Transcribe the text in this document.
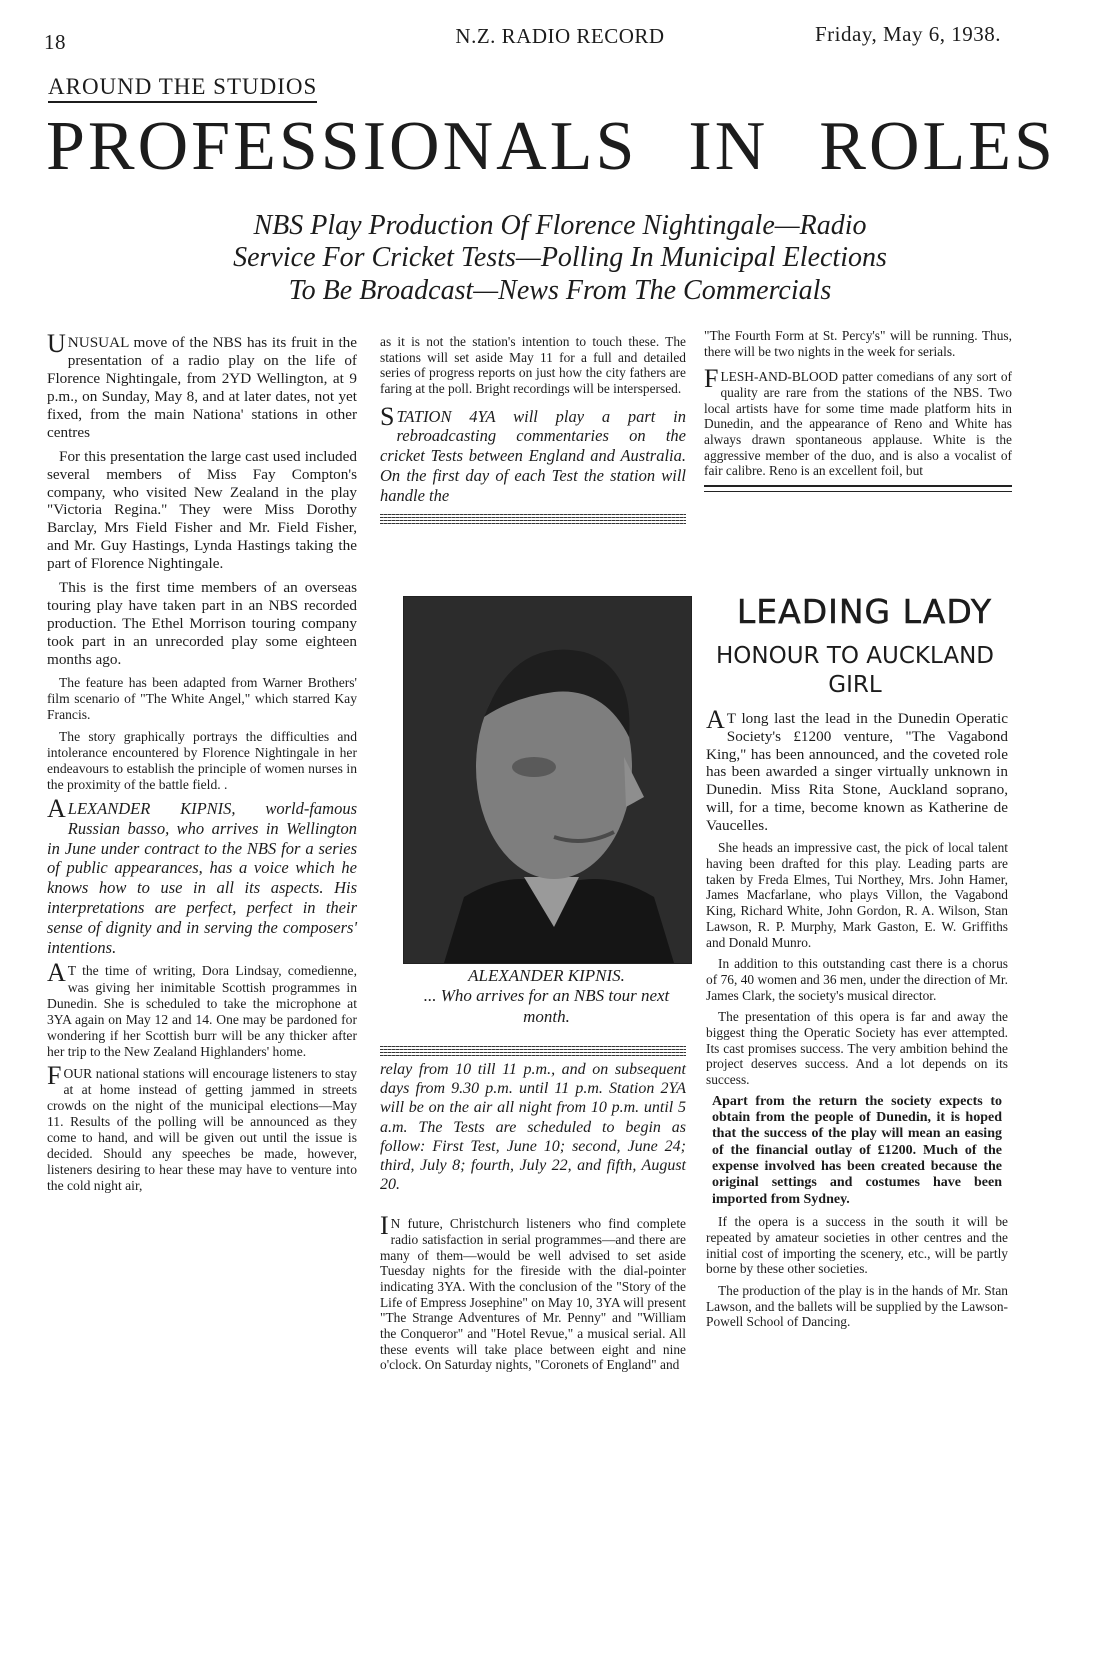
18	N.Z. RADIO RECORD	Friday, May 6, 1938.
AROUND THE STUDIOS
PROFESSIONALS IN ROLES
NBS Play Production Of Florence Nightingale—Radio
Service For Cricket Tests—Polling In Municipal Elections
To Be Broadcast—News From The Commercials

UNUSUAL move of the NBS has its fruit in the presentation of a radio play on the life of Florence Nightingale, from 2YD Wellington, at 9 p.m., on Sunday, May 8, and at later dates, not yet fixed, from the main Nationa' stations in other centres

For this presentation the large cast used included several members of Miss Fay Compton's company, who visited New Zealand in the play "Victoria Regina." They were Miss Dorothy Barclay, Mrs Field Fisher and Mr. Field Fisher, and Mr. Guy Hastings, Lynda Hastings taking the part of Florence Nightingale.

This is the first time members of an overseas touring play have taken part in an NBS recorded production. The Ethel Morrison touring company took part in an unrecorded play some eighteen months ago.

The feature has been adapted from Warner Brothers' film scenario of "The White Angel," which starred Kay Francis.

The story graphically portrays the difficulties and intolerance encountered by Florence Nightingale in her endeavours to establish the principle of women nurses in the proximity of the battle field. .

ALEXANDER KIPNIS, world-famous Russian basso, who arrives in Wellington in June under contract to the NBS for a series of public appearances, has a voice which he knows how to use in all its aspects. His interpretations are perfect, perfect in their sense of dignity and in serving the composers' intentions.

A T the time of writing, Dora Lindsay, comedienne, was giving her inimitable Scottish programmes in Dunedin. She is scheduled to take the microphone at 3YA again on May 12 and 14. One may be pardoned for wondering if her Scottish burr will be any thicker after her trip to the New Zealand Highlanders' home.

FOUR national stations will encourage listeners to stay at at home instead of getting jammed in streets crowds on the night of the municipal elections—May 11. Results of the polling will be announced as they come to hand, and will be given out until the issue is decided. Should any speeches be made, however, listeners desiring to hear these may have to venture into the cold night air,

as it is not the station's intention to touch these. The stations will set aside May 11 for a full and detailed series of progress reports on just how the city fathers are faring at the poll. Bright recordings will be interspersed.

STATION 4YA will play a part in rebroadcasting commentaries on the cricket Tests between England and Australia. On the first day of each Test the station will handle the

ALEXANDER KIPNIS.
... Who arrives for an NBS tour next month.

relay from 10 till 11 p.m., and on subsequent days from 9.30 p.m. until 11 p.m. Station 2YA will be on the air all night from 10 p.m. until 5 a.m. The Tests are scheduled to begin as follow: First Test, June 10; second, June 24; third, July 8; fourth, July 22, and fifth, August 20.

I N future, Christchurch listeners who find complete radio satisfaction in serial programmes—and there are many of them—would be well advised to set aside Tuesday nights for the fireside with the dial-pointer indicating 3YA. With the conclusion of the "Story of the Life of Empress Josephine" on May 10, 3YA will present "The Strange Adventures of Mr. Penny" and "William the Conqueror" and "Hotel Revue," a musical serial. All these events will take place between eight and nine o'clock. On Saturday nights, "Coronets of England" and

"The Fourth Form at St. Percy's" will be running. Thus, there will be two nights in the week for serials.

FLESH-AND-BLOOD patter comedians of any sort of quality are rare from the stations of the NBS. Two local artists have for some time made platform hits in Dunedin, and the appearance of Reno and White has always drawn spontaneous applause. White is the aggressive member of the duo, and is also a vocalist of fair calibre. Reno is an excellent foil, but

LEADING LADY
HONOUR TO AUCKLAND GIRL

A T long last the lead in the Dunedin Operatic Society's £1200 venture, "The Vagabond King," has been announced, and the coveted role has been awarded a singer virtually unknown in Dunedin. Miss Rita Stone, Auckland soprano, will, for a time, become known as Katherine de Vaucelles.

She heads an impressive cast, the pick of local talent having been drafted for this play. Leading parts are taken by Freda Elmes, Tui Northey, Mrs. John Hamer, James Macfarlane, who plays Villon, the Vagabond King, Richard White, John Gordon, R. A. Wilson, Stan Lawson, R. P. Murphy, Mark Gaston, E. W. Griffiths and Donald Munro.

In addition to this outstanding cast there is a chorus of 76, 40 women and 36 men, under the direction of Mr. James Clark, the society's musical director.

The presentation of this opera is far and away the biggest thing the Operatic Society has ever attempted. Its cast promises success. The very ambition behind the project deserves success. And a lot depends on its success.

Apart from the return the society expects to obtain from the people of Dunedin, it is hoped that the success of the play will mean an easing of the financial outlay of £1200. Much of the expense involved has been created because the original settings and costumes have been imported from Sydney.

If the opera is a success in the south it will be repeated by amateur societies in other centres and the initial cost of importing the scenery, etc., will be partly borne by these other societies.

The production of the play is in the hands of Mr. Stan Lawson, and the ballets will be supplied by the Lawson-Powell School of Dancing.
